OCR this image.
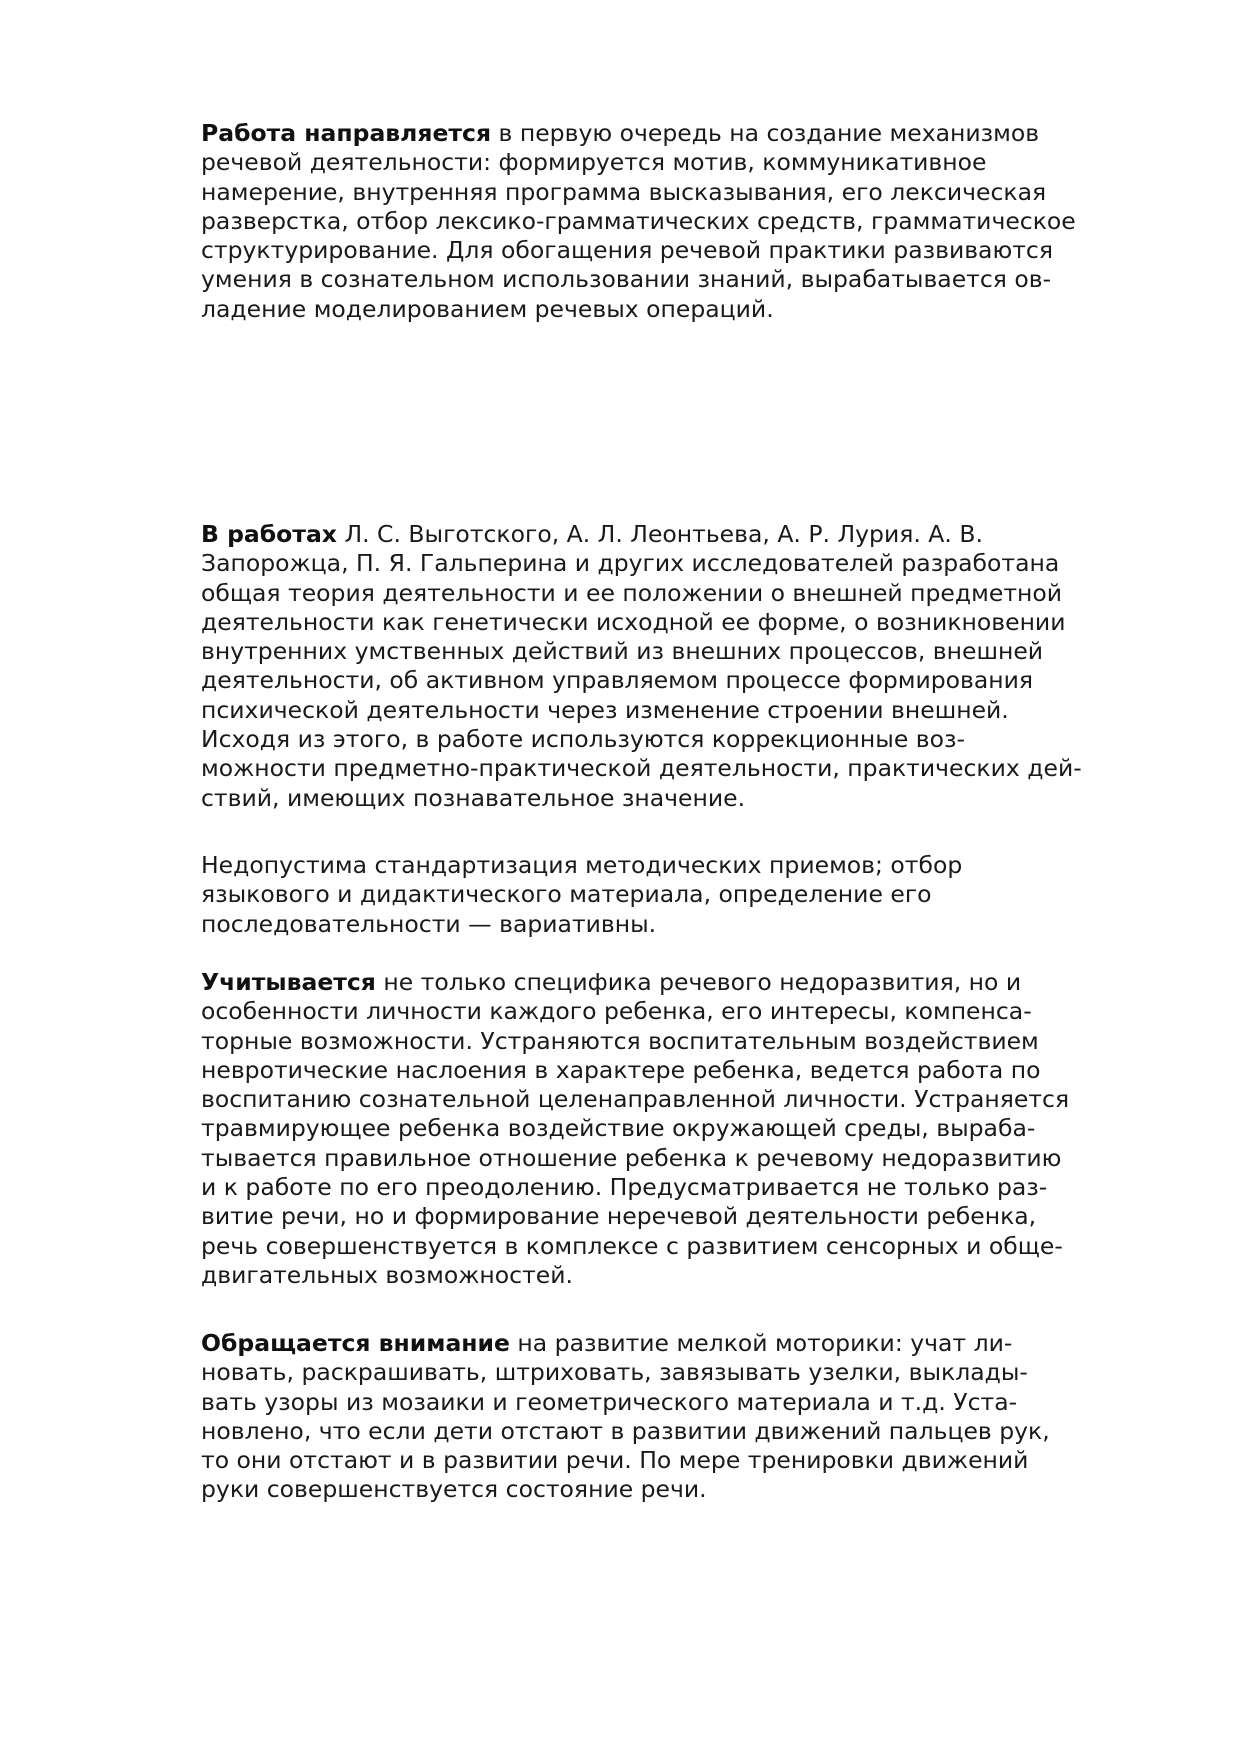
Работа направляется в первую очередь на создание механизмов
речевой деятельности: формируется мотив, коммуникативное
намерение, внутренняя программа высказывания, его лексическая
разверстка, отбор лексико-грамматических средств, грамматическое
структурирование. Для обогащения речевой практики развиваются
умения в сознательном использовании знаний, вырабатывается ов-
ладение моделированием речевых операций.

В работах Л. С. Выготского, А. Л. Леонтьева, А. Р. Лурия. А. В.
Запорожца, П. Я. Гальперина и других исследователей разработана
общая теория деятельности и ее положении о внешней предметной
деятельности как генетически исходной ее форме, о возникновении
внутренних умственных действий из внешних процессов, внешней
деятельности, об активном управляемом процессе формирования
психической деятельности через изменение строении внешней.
Исходя из этого, в работе используются коррекционные воз-
можности предметно-практической деятельности, практических дей-
ствий, имеющих познавательное значение.

Недопустима стандартизация методических приемов; отбор
языкового и дидактического материала, определение его
последовательности — вариативны.

Учитывается не только специфика речевого недоразвития, но и
особенности личности каждого ребенка, его интересы, компенса-
торные возможности. Устраняются воспитательным воздействием
невротические наслоения в характере ребенка, ведется работа по
воспитанию сознательной целенаправленной личности. Устраняется
травмирующее ребенка воздействие окружающей среды, выраба-
тывается правильное отношение ребенка к речевому недоразвитию
и к работе по его преодолению. Предусматривается не только раз-
витие речи, но и формирование неречевой деятельности ребенка,
речь совершенствуется в комплексе с развитием сенсорных и обще-
двигательных возможностей.

Обращается внимание на развитие мелкой моторики: учат ли-
новать, раскрашивать, штриховать, завязывать узелки, выклады-
вать узоры из мозаики и геометрического материала и т.д. Уста-
новлено, что если дети отстают в развитии движений пальцев рук,
то они отстают и в развитии речи. По мере тренировки движений
руки совершенствуется состояние речи.
